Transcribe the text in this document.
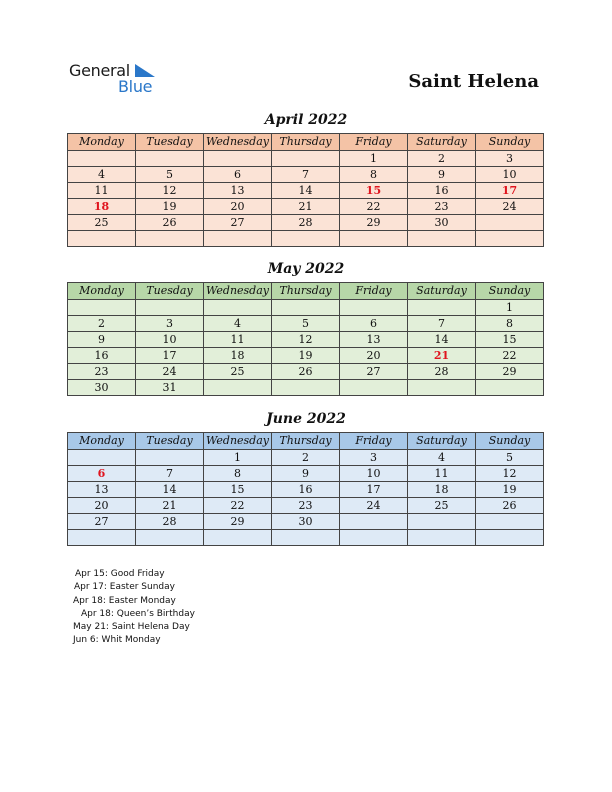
General
Blue	Saint Helena
April 2022
Monday	Tuesday	Wednesday	Thursday	Friday	Saturday	Sunday
				1	2	3
4	5	6	7	8	9	10
11	12	13	14	15	16	17
18	19	20	21	22	23	24
25	26	27	28	29	30	

May 2022
Monday	Tuesday	Wednesday	Thursday	Friday	Saturday	Sunday
						1
2	3	4	5	6	7	8
9	10	11	12	13	14	15
16	17	18	19	20	21	22
23	24	25	26	27	28	29
30	31					
June 2022
Monday	Tuesday	Wednesday	Thursday	Friday	Saturday	Sunday
		1	2	3	4	5
6	7	8	9	10	11	12
13	14	15	16	17	18	19
20	21	22	23	24	25	26
27	28	29	30			

Apr 15: Good Friday
Apr 17: Easter Sunday
Apr 18: Easter Monday
Apr 18: Queen’s Birthday
May 21: Saint Helena Day
Jun 6: Whit Monday
